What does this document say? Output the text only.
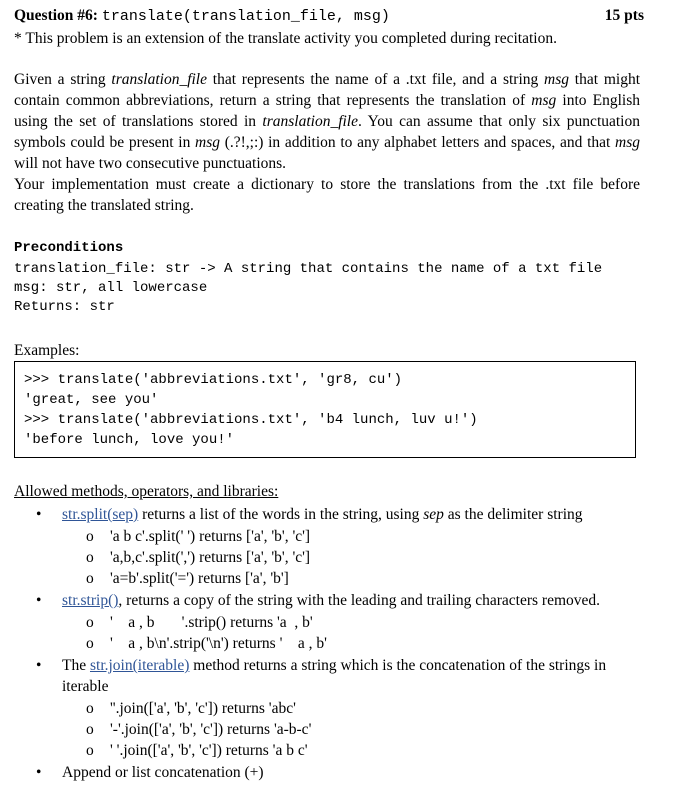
Question #6: translate(translation_file, msg)	15 pts
* This problem is an extension of the translate activity you completed during recitation.

Given a string translation_file that represents the name of a .txt file, and a string msg that might contain common abbreviations, return a string that represents the translation of msg into English using the set of translations stored in translation_file. You can assume that only six punctuation symbols could be present in msg (.?!,;:) in addition to any alphabet letters and spaces, and that msg will not have two consecutive punctuations.

Your implementation must create a dictionary to store the translations from the .txt file before creating the translated string.

Preconditions
translation_file: str -> A string that contains the name of a txt file
msg: str, all lowercase
Returns: str
Examples:
>>> translate('abbreviations.txt', 'gr8, cu')
'great, see you'
>>> translate('abbreviations.txt', 'b4 lunch, luv u!')
'before lunch, love you!'
Allowed methods, operators, and libraries:
• str.split(sep) returns a list of the words in the string, using sep as the delimiter string
o 'a b c'.split(' ') returns ['a', 'b', 'c']
o 'a,b,c'.split(',') returns ['a', 'b', 'c']
o 'a=b'.split('=') returns ['a', 'b']
• str.strip(), returns a copy of the string with the leading and trailing characters removed.
o '    a , b       '.strip() returns 'a  , b'
o '    a , b\n'.strip('\n') returns '    a , b'
• The str.join(iterable) method returns a string which is the concatenation of the strings in iterable
o ''.join(['a', 'b', 'c']) returns 'abc'
o '-'.join(['a', 'b', 'c']) returns 'a-b-c'
o ' '.join(['a', 'b', 'c']) returns 'a b c'
• Append or list concatenation (+)
